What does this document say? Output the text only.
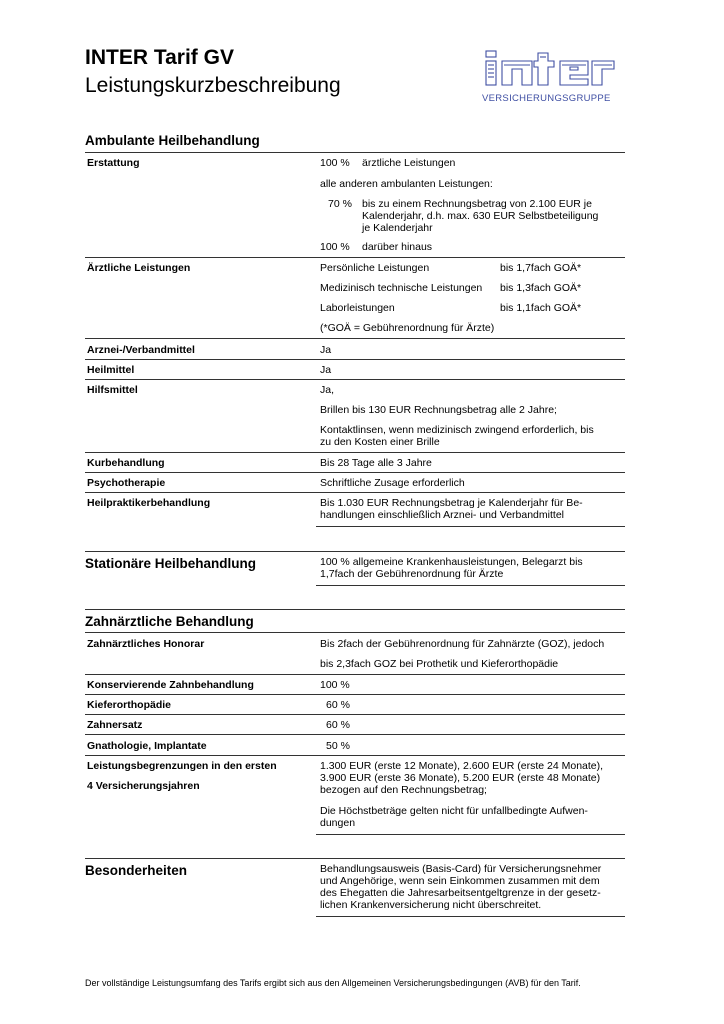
INTER Tarif GV
Leistungskurzbeschreibung
VERSICHERUNGSGRUPPE
Ambulante Heilbehandlung
Erstattung	100 % ärztliche Leistungen
alle anderen ambulanten Leistungen:
70 % bis zu einem Rechnungsbetrag von 2.100 EUR je
Kalenderjahr, d.h. max. 630 EUR Selbstbeteiligung
je Kalenderjahr
100 % darüber hinaus
Ärztliche Leistungen	Persönliche Leistungen	bis 1,7fach GOÄ*
Medizinisch technische Leistungen bis 1,3fach GOÄ*
Laborleistungen	bis 1,1fach GOÄ*
(*GOÄ = Gebührenordnung für Ärzte)
Arznei-/Verbandmittel	Ja
Heilmittel	Ja
Hilfsmittel	Ja,
Brillen bis 130 EUR Rechnungsbetrag alle 2 Jahre;
Kontaktlinsen, wenn medizinisch zwingend erforderlich, bis
zu den Kosten einer Brille
Kurbehandlung	Bis 28 Tage alle 3 Jahre
Psychotherapie	Schriftliche Zusage erforderlich
Heilpraktikerbehandlung	Bis 1.030 EUR Rechnungsbetrag je Kalenderjahr für Be-
handlungen einschließlich Arznei- und Verbandmittel
Stationäre Heilbehandlung	100 % allgemeine Krankenhausleistungen, Belegarzt bis
1,7fach der Gebührenordnung für Ärzte
Zahnärztliche Behandlung
Zahnärztliches Honorar	Bis 2fach der Gebührenordnung für Zahnärzte (GOZ), jedoch
bis 2,3fach GOZ bei Prothetik und Kieferorthopädie
Konservierende Zahnbehandlung	100 %
Kieferorthopädie	60 %
Zahnersatz	60 %
Gnathologie, Implantate	50 %
Leistungsbegrenzungen in den ersten
4 Versicherungsjahren
1.300 EUR (erste 12 Monate), 2.600 EUR (erste 24 Monate),
3.900 EUR (erste 36 Monate), 5.200 EUR (erste 48 Monate)
bezogen auf den Rechnungsbetrag;
Die Höchstbeträge gelten nicht für unfallbedingte Aufwen-
dungen
Besonderheiten	Behandlungsausweis (Basis-Card) für Versicherungsnehmer
und Angehörige, wenn sein Einkommen zusammen mit dem
des Ehegatten die Jahresarbeitsentgeltgrenze in der gesetz-
lichen Krankenversicherung nicht überschreitet.
Der vollständige Leistungsumfang des Tarifs ergibt sich aus den Allgemeinen Versicherungsbedingungen (AVB) für den Tarif.
